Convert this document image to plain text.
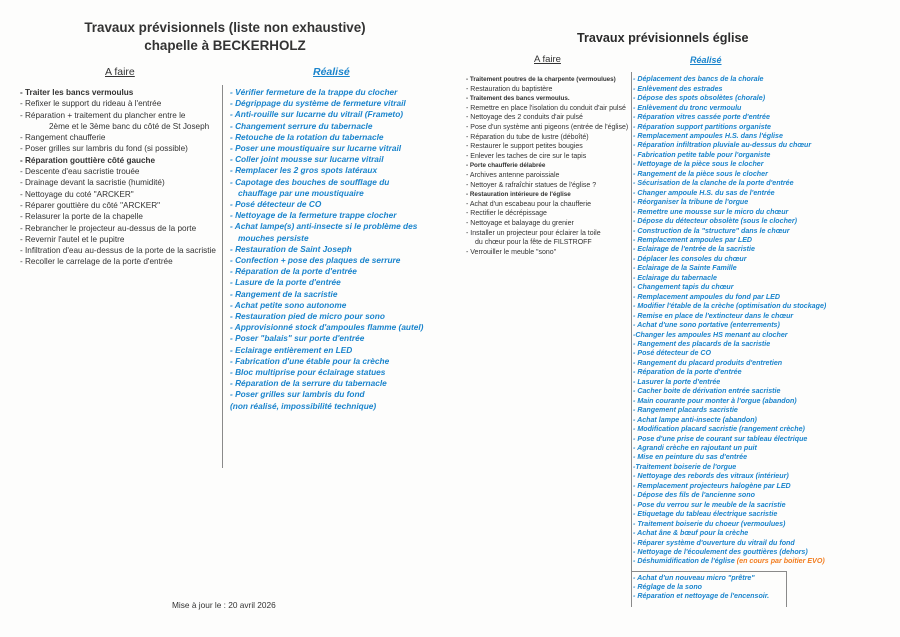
Travaux prévisionnels (liste non exhaustive)
chapelle à BECKERHOLZ
A faire	Réalisé
- Traiter les bancs vermoulus
- Refixer le support du rideau à l'entrée
- Réparation + traitement du plancher entre le
2ème et le 3ème banc du côté de St Joseph
- Rangement chaufferie
- Poser grilles sur lambris du fond (si possible)
- Réparation gouttière côté gauche
- Descente d'eau sacristie trouée
- Drainage devant la sacristie (humidité)
- Nettoyage du coté "ARCKER"
- Réparer gouttière du côté "ARCKER"
- Relasurer la porte de la chapelle
- Rebrancher le projecteur au-dessus de la porte
- Revernir l'autel et le pupitre
- Infiltration d'eau au-dessus de la porte de la sacristie
- Recoller le carrelage de la porte d'entrée
- Vérifier fermeture de la trappe du clocher
- Dégrippage du système de fermeture vitrail
- Anti-rouille sur lucarne du vitrail (Frameto)
- Changement serrure du tabernacle
- Retouche de la rotation du tabernacle
- Poser une moustiquaire sur lucarne vitrail
- Coller joint mousse sur lucarne vitrail
- Remplacer les 2 gros spots latéraux
- Capotage des bouches de soufflage du
chauffage par une moustiquaire
- Posé détecteur de CO
- Nettoyage de la fermeture trappe clocher
- Achat lampe(s) anti-insecte si le problème des
mouches persiste
- Restauration de Saint Joseph
- Confection + pose des plaques de serrure
- Réparation de la porte d'entrée
- Lasure de la porte d'entrée
- Rangement de la sacristie
- Achat petite sono autonome
- Restauration pied de micro pour sono
- Approvisionné stock d'ampoules flamme (autel)
- Poser "balais" sur porte d'entrée
- Eclairage entièrement en LED
- Fabrication d'une étable pour la crèche
- Bloc multiprise pour éclairage statues
- Réparation de la serrure du tabernacle
- Poser grilles sur lambris du fond
(non réalisé, impossibilité technique)
Mise à jour le : 20 avril 2026
Travaux prévisionnels église
A faire	Réalisé
- Traitement poutres de la charpente (vermoulues)
- Restauration du baptistère
- Traitement des bancs vermoulus.
- Remettre en place l'isolation du conduit d'air pulsé
- Nettoyage des 2 conduits d'air pulsé
- Pose d'un système anti pigeons (entrée de l'église)
- Réparation du tube de lustre (déboîté)
- Restaurer le support petites bougies
- Enlever les taches de cire sur le tapis
- Porte chaufferie délabrée
- Archives antenne paroissiale
- Nettoyer & rafraîchir statues de l'église ?
- Restauration intérieure de l'église
- Achat d'un escabeau pour la chaufferie
- Rectifier le décrépissage
- Nettoyage et balayage du grenier
- Installer un projecteur pour éclairer la toile
du chœur pour la fête de FILSTROFF
- Verrouiller le meuble "sono"
- Déplacement des bancs de la chorale
- Enlèvement des estrades
- Dépose des spots obsolètes (chorale)
- Enlèvement du tronc vermoulu
- Réparation vitres cassée porte d'entrée
- Réparation support partitions organiste
- Remplacement ampoules H.S. dans l'église
- Réparation infiltration pluviale au-dessus du chœur
- Fabrication petite table pour l'organiste
- Nettoyage de la pièce sous le clocher
- Rangement de la pièce sous le clocher
- Sécurisation de la clanche de la porte d'entrée
- Changer ampoule H.S. du sas de l'entrée
- Réorganiser la tribune de l'orgue
- Remettre une mousse sur le micro du chœur
- Dépose du détecteur obsolète (sous le clocher)
- Construction de la "structure" dans le chœur
- Remplacement ampoules par LED
- Eclairage de l'entrée de la sacristie
- Déplacer les consoles du chœur
- Eclairage de la Sainte Famille
- Eclairage du tabernacle
- Changement tapis du chœur
- Remplacement ampoules du fond par LED
- Modifier l'étable de la crèche (optimisation du stockage)
- Remise en place de l'extincteur dans le chœur
- Achat d'une sono portative (enterrements)
-Changer les ampoules HS menant au clocher
- Rangement des placards de la sacristie
- Posé détecteur de CO
- Rangement du placard produits d'entretien
- Réparation de la porte d'entrée
- Lasurer la porte d'entrée
- Cacher boite de dérivation entrée sacristie
- Main courante pour monter à l'orgue (abandon)
- Rangement placards sacristie
- Achat lampe anti-insecte (abandon)
- Modification placard sacristie (rangement crèche)
- Pose d'une prise de courant sur tableau électrique
- Agrandi crèche en rajoutant un puit
- Mise en peinture du sas d'entrée
-Traitement boiserie de l'orgue
- Nettoyage des rebords des vitraux (intérieur)
- Remplacement projecteurs halogène par LED
- Dépose des fils de l'ancienne sono
- Pose du verrou sur le meuble de la sacristie
- Etiquetage du tableau électrique sacristie
- Traitement boiserie du choeur (vermoulues)
- Achat âne & bœuf pour la crèche
- Réparer système d'ouverture du vitrail du fond
- Nettoyage de l'écoulement des gouttières (dehors)
- Déshumidification de l'église (en cours par boitier EVO)
- Achat d'un nouveau micro "prêtre"
- Réglage de la sono
- Réparation et nettoyage de l'encensoir.
